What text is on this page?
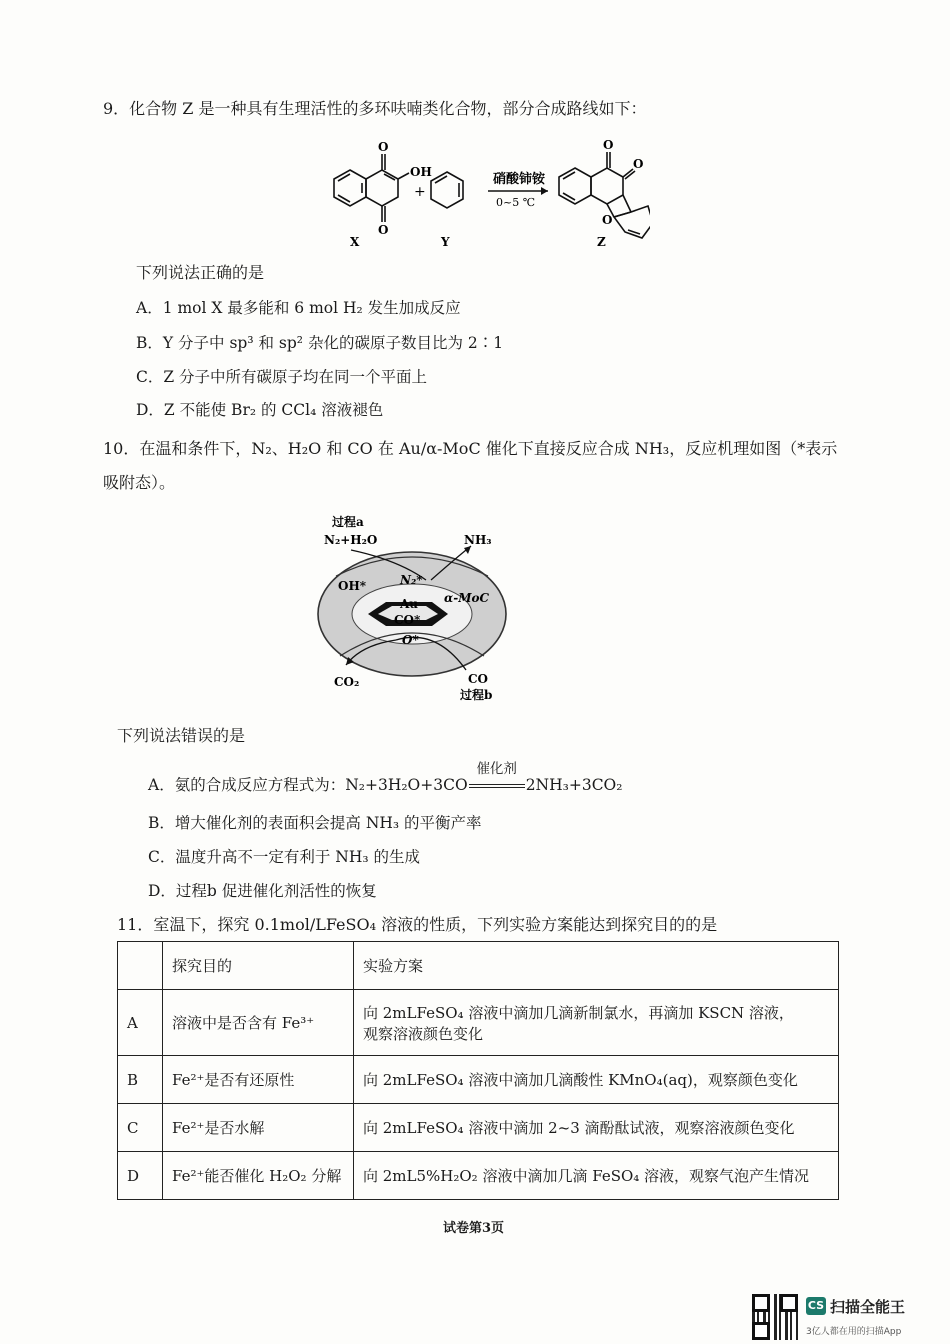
9．化合物 Z 是一种具有生理活性的多环呋喃类化合物，部分合成路线如下：
O
O
OH
X
+
Y
硝酸铈铵
0~5 ℃
O
O
O
Z
下列说法正确的是
A．1 mol X 最多能和 6 mol H₂ 发生加成反应
B．Y 分子中 sp³ 和 sp² 杂化的碳原子数目比为 2∶1
C．Z 分子中所有碳原子均在同一个平面上
D．Z 不能使 Br₂ 的 CCl₄ 溶液褪色
10．在温和条件下，N₂、H₂O 和 CO 在 Au/α-MoC 催化下直接反应合成 NH₃，反应机理如图（*表示
吸附态）。
过程a
N₂+H₂O	NH₃
OH*	N₂*
Au α-MoC
CO*
O*
CO₂	CO
过程b
下列说法错误的是
A．氨的合成反应方程式为：N₂+3H₂O+3CO
催化剂
2NH₃+3CO₂
B．增大催化剂的表面积会提高 NH₃ 的平衡产率
C．温度升高不一定有利于 NH₃ 的生成
D．过程b 促进催化剂活性的恢复
11．室温下，探究 0.1mol/LFeSO₄ 溶液的性质，下列实验方案能达到探究目的的是
	探究目的	实验方案
A	溶液中是否含有 Fe³⁺	向 2mLFeSO₄ 溶液中滴加几滴新制氯水，再滴加 KSCN 溶液，
观察溶液颜色变化

B	Fe²⁺是否有还原性	向 2mLFeSO₄ 溶液中滴加几滴酸性 KMnO₄(aq)，观察颜色变化
C	Fe²⁺是否水解	向 2mLFeSO₄ 溶液中滴加 2~3 滴酚酞试液，观察溶液颜色变化
D	Fe²⁺能否催化 H₂O₂ 分解	向 2mL5%H₂O₂ 溶液中滴加几滴 FeSO₄ 溶液，观察气泡产生情况
试卷第3页
CS 扫描全能王
3亿人都在用的扫描App
